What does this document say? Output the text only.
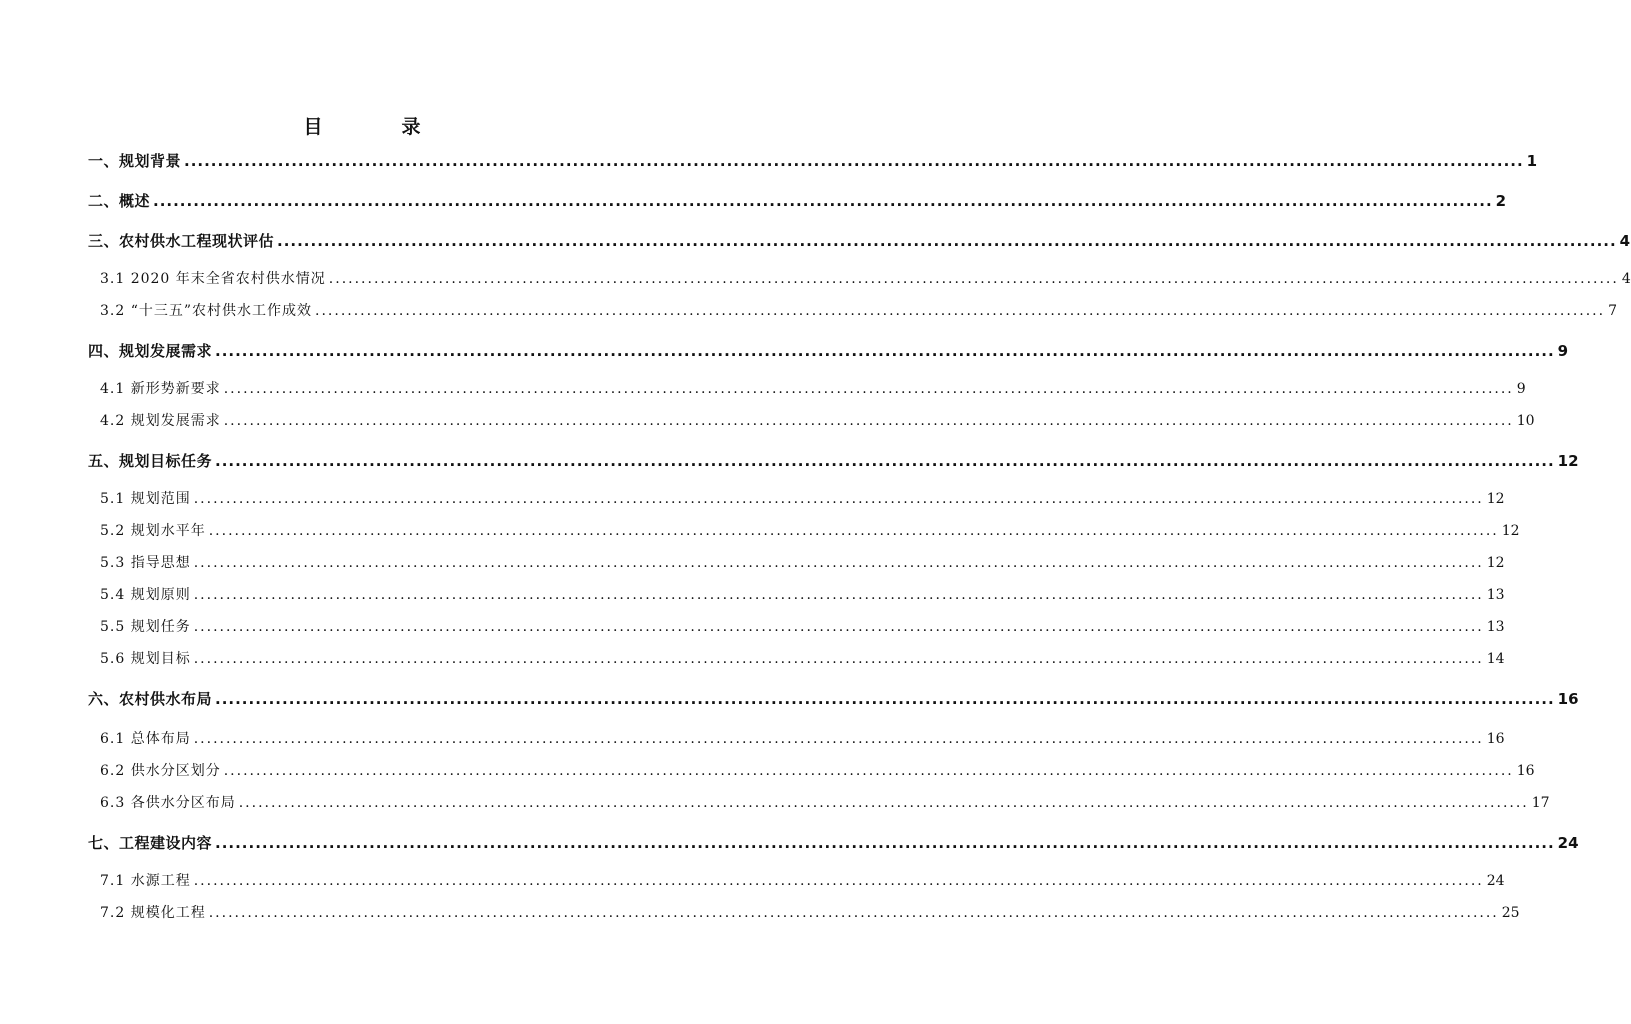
目　录
一、规划背景 ........................................................................................................................................................................................................ 1
二、概述 ........................................................................................................................................................................................................ 2
三、农村供水工程现状评估 ........................................................................................................................................................................................................ 4
3.1 2020 年末全省农村供水情况 ........................................................................................................................................................................................................ 4
3.2 “十三五”农村供水工作成效 ........................................................................................................................................................................................................ 7
四、规划发展需求 ........................................................................................................................................................................................................ 9
4.1 新形势新要求 ........................................................................................................................................................................................................ 9
4.2 规划发展需求 ........................................................................................................................................................................................................ 10
五、规划目标任务 ........................................................................................................................................................................................................ 12
5.1 规划范围 ........................................................................................................................................................................................................ 12
5.2 规划水平年 ........................................................................................................................................................................................................ 12
5.3 指导思想 ........................................................................................................................................................................................................ 12
5.4 规划原则 ........................................................................................................................................................................................................ 13
5.5 规划任务 ........................................................................................................................................................................................................ 13
5.6 规划目标 ........................................................................................................................................................................................................ 14
六、农村供水布局 ........................................................................................................................................................................................................ 16
6.1 总体布局 ........................................................................................................................................................................................................ 16
6.2 供水分区划分 ........................................................................................................................................................................................................ 16
6.3 各供水分区布局 ........................................................................................................................................................................................................ 17
七、工程建设内容 ........................................................................................................................................................................................................ 24
7.1 水源工程 ........................................................................................................................................................................................................ 24
7.2 规模化工程 ........................................................................................................................................................................................................ 25
